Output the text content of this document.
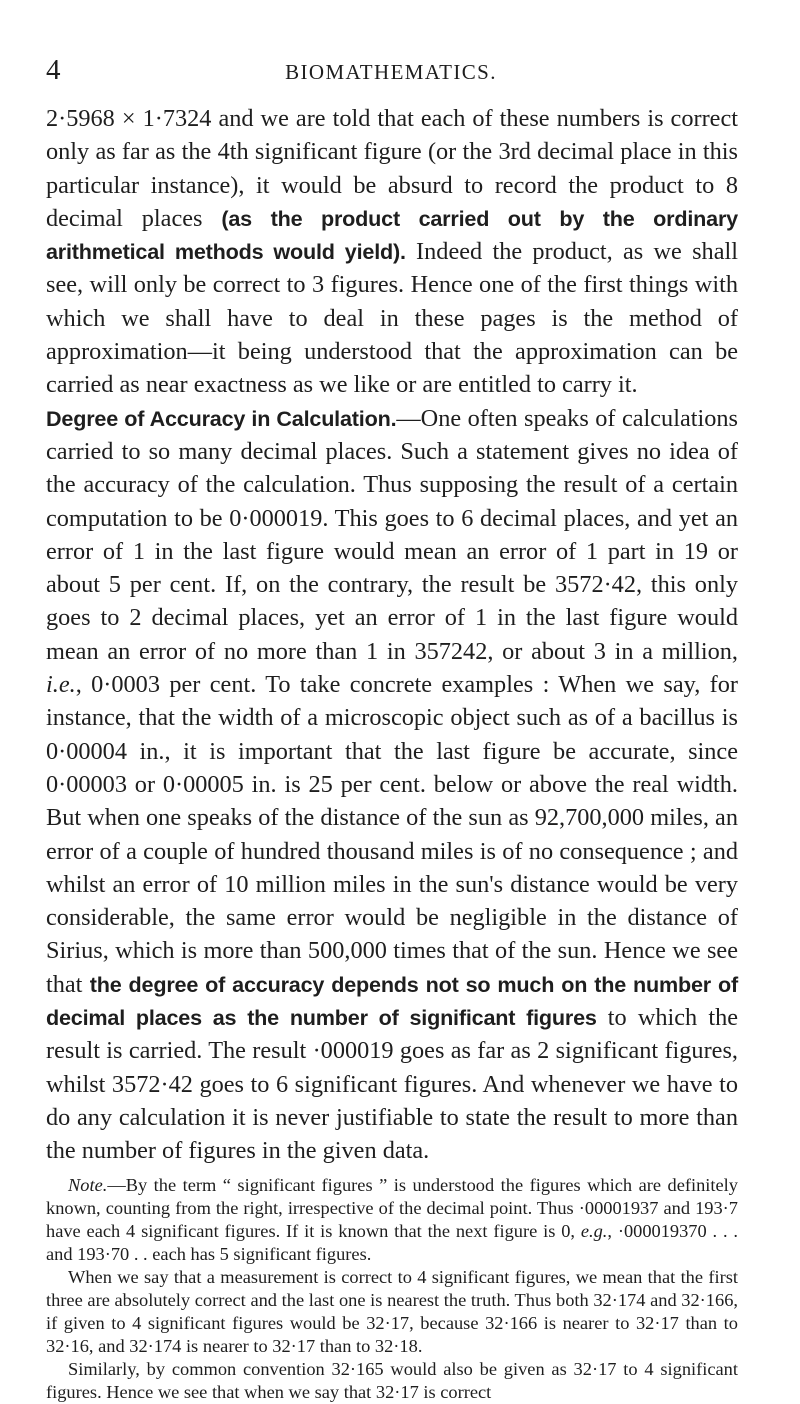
4	BIOMATHEMATICS.

2·5968 × 1·7324 and we are told that each of these numbers is correct only as far as the 4th significant figure (or the 3rd decimal place in this particular instance), it would be absurd to record the product to 8 decimal places (as the product carried out by the ordinary arithmetical methods would yield). Indeed the product, as we shall see, will only be correct to 3 figures. Hence one of the first things with which we shall have to deal in these pages is the method of approximation—it being understood that the approximation can be carried as near exactness as we like or are entitled to carry it.

Degree of Accuracy in Calculation.—One often speaks of calculations carried to so many decimal places. Such a statement gives no idea of the accuracy of the calculation. Thus supposing the result of a certain computation to be 0·000019. This goes to 6 decimal places, and yet an error of 1 in the last figure would mean an error of 1 part in 19 or about 5 per cent. If, on the contrary, the result be 3572·42, this only goes to 2 decimal places, yet an error of 1 in the last figure would mean an error of no more than 1 in 357242, or about 3 in a million, i.e., 0·0003 per cent. To take concrete examples : When we say, for instance, that the width of a microscopic object such as of a bacillus is 0·00004 in., it is important that the last figure be accurate, since 0·00003 or 0·00005 in. is 25 per cent. below or above the real width. But when one speaks of the distance of the sun as 92,700,000 miles, an error of a couple of hundred thousand miles is of no consequence ; and whilst an error of 10 million miles in the sun's distance would be very considerable, the same error would be negligible in the distance of Sirius, which is more than 500,000 times that of the sun. Hence we see that the degree of accuracy depends not so much on the number of decimal places as the number of significant figures to which the result is carried. The result ·000019 goes as far as 2 significant figures, whilst 3572·42 goes to 6 significant figures. And whenever we have to do any calculation it is never justifiable to state the result to more than the number of figures in the given data.

Note.—By the term “ significant figures ” is understood the figures which are definitely known, counting from the right, irrespective of the decimal point. Thus ·00001937 and 193·7 have each 4 significant figures. If it is known that the next figure is 0, e.g., ·000019370 . . . and 193·70 . . each has 5 significant figures.

When we say that a measurement is correct to 4 significant figures, we mean that the first three are absolutely correct and the last one is nearest the truth. Thus both 32·174 and 32·166, if given to 4 significant figures would be 32·17, because 32·166 is nearer to 32·17 than to 32·16, and 32·174 is nearer to 32·17 than to 32·18.

Similarly, by common convention 32·165 would also be given as 32·17 to 4 significant figures. Hence we see that when we say that 32·17 is correct
